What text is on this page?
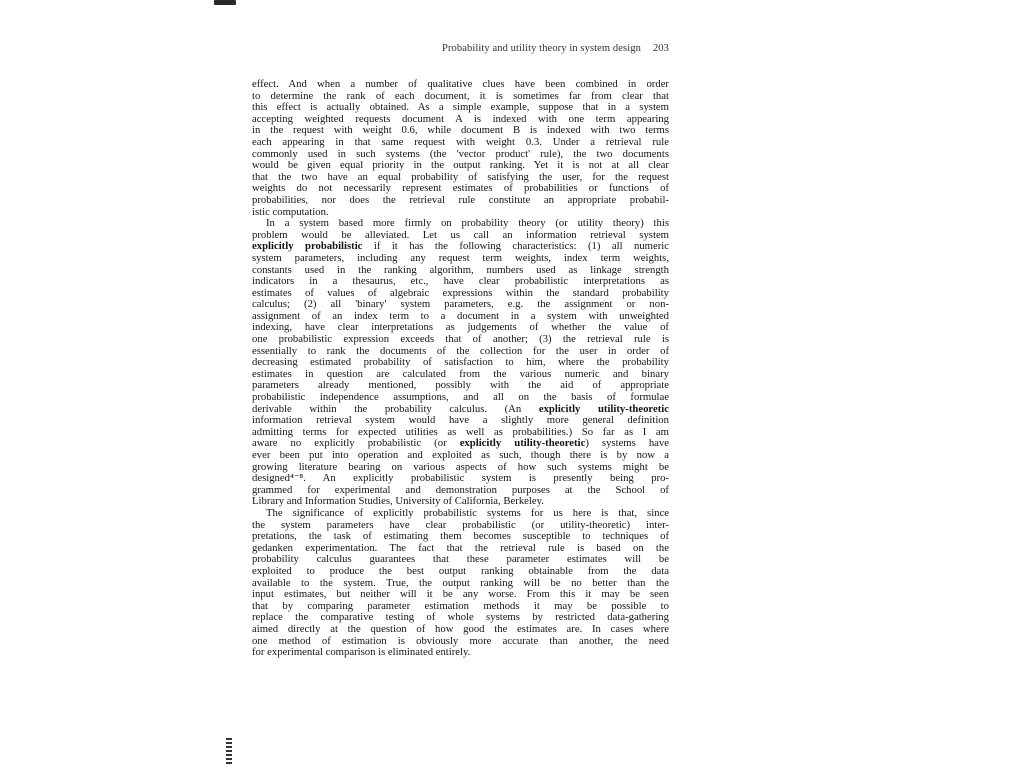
Probability and utility theory in system design 203
effect. And when a number of qualitative clues have been combined in order
to determine the rank of each document, it is sometimes far from clear that
this effect is actually obtained. As a simple example, suppose that in a system
accepting weighted requests document A is indexed with one term appearing
in the request with weight 0.6, while document B is indexed with two terms
each appearing in that same request with weight 0.3. Under a retrieval rule
commonly used in such systems (the 'vector product' rule), the two documents
would be given equal priority in the output ranking. Yet it is not at all clear
that the two have an equal probability of satisfying the user, for the request
weights do not necessarily represent estimates of probabilities or functions of
probabilities, nor does the retrieval rule constitute an appropriate probabil-
istic computation.
In a system based more firmly on probability theory (or utility theory) this
problem would be alleviated. Let us call an information retrieval system
explicitly probabilistic if it has the following characteristics: (1) all numeric
system parameters, including any request term weights, index term weights,
constants used in the ranking algorithm, numbers used as linkage strength
indicators in a thesaurus, etc., have clear probabilistic interpretations as
estimates of values of algebraic expressions within the standard probability
calculus; (2) all 'binary' system parameters, e.g. the assignment or non-
assignment of an index term to a document in a system with unweighted
indexing, have clear interpretations as judgements of whether the value of
one probabilistic expression exceeds that of another; (3) the retrieval rule is
essentially to rank the documents of the collection for the user in order of
decreasing estimated probability of satisfaction to him, where the probability
estimates in question are calculated from the various numeric and binary
parameters already mentioned, possibly with the aid of appropriate
probabilistic independence assumptions, and all on the basis of formulae
derivable within the probability calculus. (An explicitly utility-theoretic
information retrieval system would have a slightly more general definition
admitting terms for expected utilities as well as probabilities.) So far as I am
aware no explicitly probabilistic (or explicitly utility-theoretic) systems have
ever been put into operation and exploited as such, though there is by now a
growing literature bearing on various aspects of how such systems might be
designed⁴⁻⁸. An explicitly probabilistic system is presently being pro-
grammed for experimental and demonstration purposes at the School of
Library and Information Studies, University of California, Berkeley.
The significance of explicitly probabilistic systems for us here is that, since
the system parameters have clear probabilistic (or utility-theoretic) inter-
pretations, the task of estimating them becomes susceptible to techniques of
gedanken experimentation. The fact that the retrieval rule is based on the
probability calculus guarantees that these parameter estimates will be
exploited to produce the best output ranking obtainable from the data
available to the system. True, the output ranking will be no better than the
input estimates, but neither will it be any worse. From this it may be seen
that by comparing parameter estimation methods it may be possible to
replace the comparative testing of whole systems by restricted data-gathering
aimed directly at the question of how good the estimates are. In cases where
one method of estimation is obviously more accurate than another, the need
for experimental comparison is eliminated entirely.
